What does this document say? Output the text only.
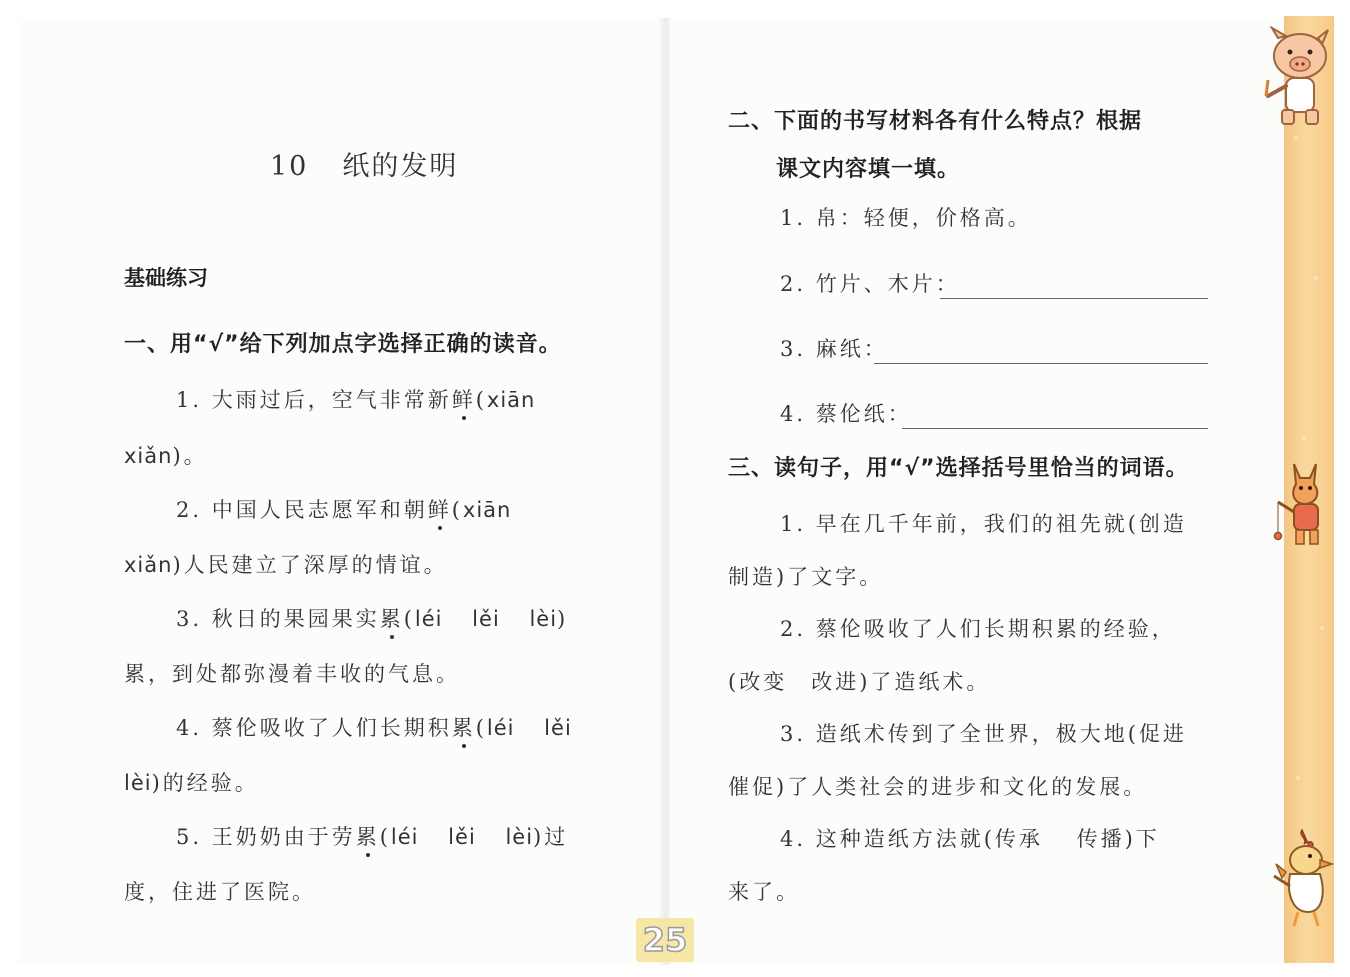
10 纸的发明
基础练习
一、用“√”给下列加点字选择正确的读音。
1. 大雨过后，空气非常新鲜(xiān
xiǎn)。
2. 中国人民志愿军和朝鲜(xiān
xiǎn)人民建立了深厚的情谊。
3. 秋日的果园果实累(léi　 lěi　 lèi)
累，到处都弥漫着丰收的气息。
4. 蔡伦吸收了人们长期积累(léi　 lěi
lèi)的经验。
5. 王奶奶由于劳累(léi　 lěi　 lèi)过
度，住进了医院。
二、下面的书写材料各有什么特点？根据
课文内容填一填。
1. 帛：轻便，价格高。
2. 竹片、木片：
3. 麻纸：
4. 蔡伦纸：
三、读句子，用“√”选择括号里恰当的词语。
1. 早在几千年前，我们的祖先就(创造
制造)了文字。
2. 蔡伦吸收了人们长期积累的经验，
(改变　改进)了造纸术。
3. 造纸术传到了全世界，极大地(促进
催促)了人类社会的进步和文化的发展。
4. 这种造纸方法就(传承　 传播)下
来了。
25
